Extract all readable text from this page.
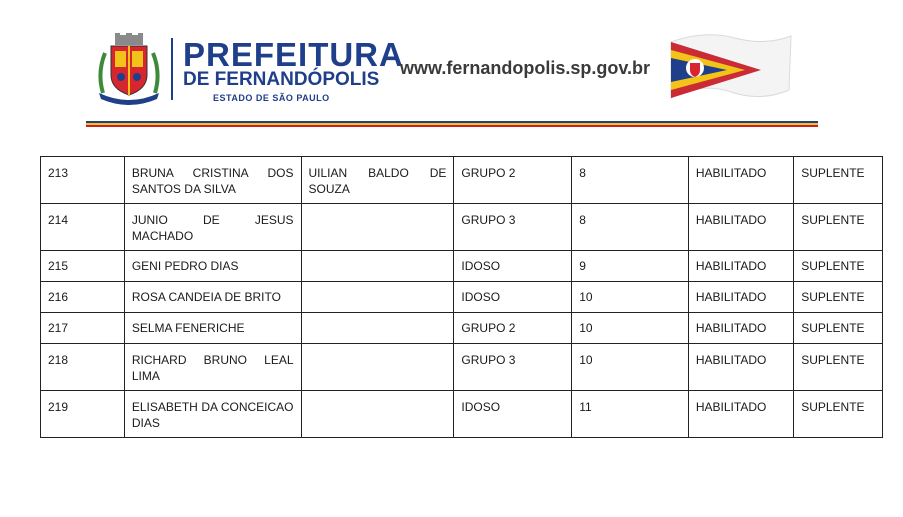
PREFEITURA
DE FERNANDÓPOLIS
ESTADO DE SÃO PAULO
www.fernandopolis.sp.gov.br
213	BRUNA CRISTINA DOS SANTOS DA SILVA	UILIAN BALDO DE SOUZA	GRUPO 2	8	HABILITADO	SUPLENTE
214	JUNIO DE JESUS MACHADO		GRUPO 3	8	HABILITADO	SUPLENTE
215	GENI PEDRO DIAS		IDOSO	9	HABILITADO	SUPLENTE
216	ROSA CANDEIA DE BRITO		IDOSO	10	HABILITADO	SUPLENTE
217	SELMA FENERICHE		GRUPO 2	10	HABILITADO	SUPLENTE
218	RICHARD BRUNO LEAL LIMA		GRUPO 3	10	HABILITADO	SUPLENTE
219	ELISABETH DA CONCEICAO DIAS		IDOSO	11	HABILITADO	SUPLENTE
